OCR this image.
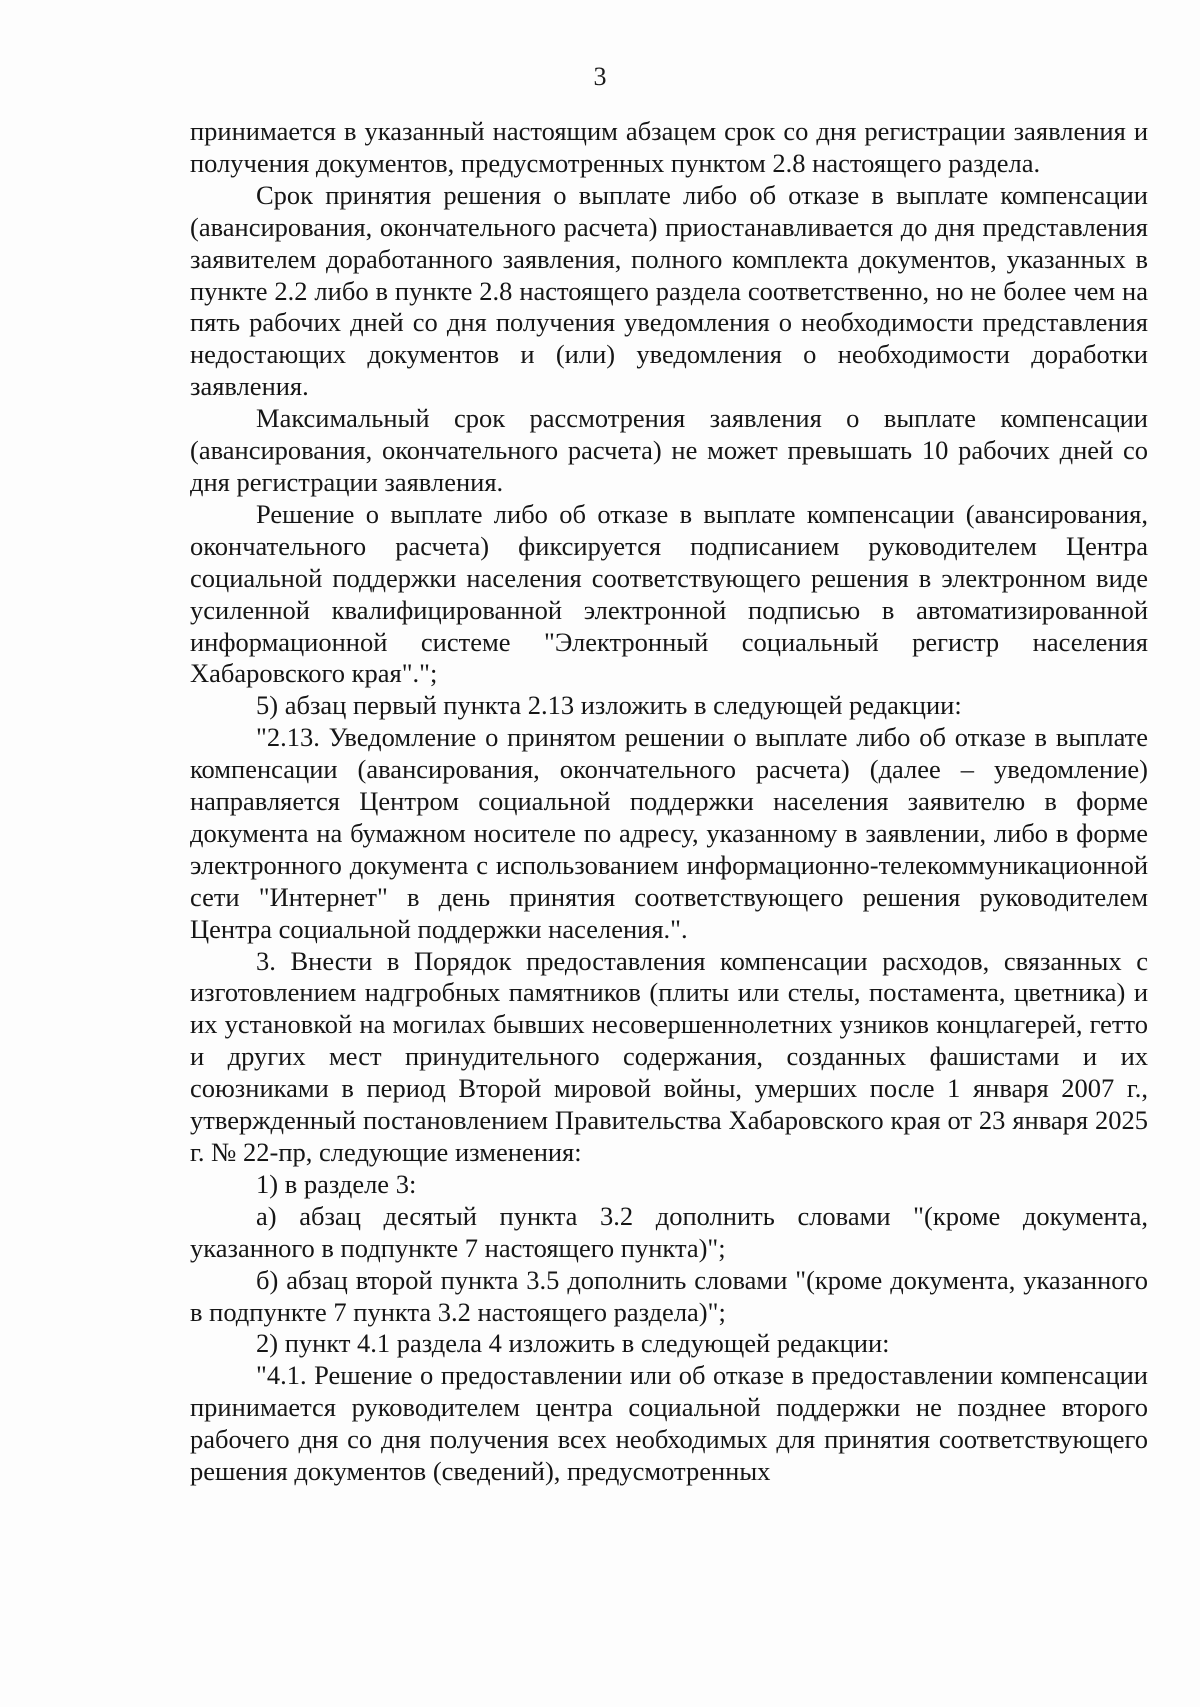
3

принимается в указанный настоящим абзацем срок со дня регистрации заявления и получения документов, предусмотренных пунктом 2.8 настоящего раздела.

Срок принятия решения о выплате либо об отказе в выплате компенсации (авансирования, окончательного расчета) приостанавливается до дня представления заявителем доработанного заявления, полного комплекта документов, указанных в пункте 2.2 либо в пункте 2.8 настоящего раздела соответственно, но не более чем на пять рабочих дней со дня получения уведомления о необходимости представления недостающих документов и (или) уведомления о необходимости доработки заявления.

Максимальный срок рассмотрения заявления о выплате компенсации (авансирования, окончательного расчета) не может превышать 10 рабочих дней со дня регистрации заявления.

Решение о выплате либо об отказе в выплате компенсации (авансирования, окончательного расчета) фиксируется подписанием руководителем Центра социальной поддержки населения соответствующего решения в электронном виде усиленной квалифицированной электронной подписью в автоматизированной информационной системе "Электронный социальный регистр населения Хабаровского края".";

5) абзац первый пункта 2.13 изложить в следующей редакции:

"2.13. Уведомление о принятом решении о выплате либо об отказе в выплате компенсации (авансирования, окончательного расчета) (далее – уведомление) направляется Центром социальной поддержки населения заявителю в форме документа на бумажном носителе по адресу, указанному в заявлении, либо в форме электронного документа с использованием информационно-телекоммуникационной сети "Интернет" в день принятия соответствующего решения руководителем Центра социальной поддержки населения.".

3. Внести в Порядок предоставления компенсации расходов, связанных с изготовлением надгробных памятников (плиты или стелы, постамента, цветника) и их установкой на могилах бывших несовершеннолетних узников концлагерей, гетто и других мест принудительного содержания, созданных фашистами и их союзниками в период Второй мировой войны, умерших после 1 января 2007 г., утвержденный постановлением Правительства Хабаровского края от 23 января 2025 г. № 22-пр, следующие изменения:

1) в разделе 3:

а) абзац десятый пункта 3.2 дополнить словами "(кроме документа, указанного в подпункте 7 настоящего пункта)";

б) абзац второй пункта 3.5 дополнить словами "(кроме документа, указанного в подпункте 7 пункта 3.2 настоящего раздела)";

2) пункт 4.1 раздела 4 изложить в следующей редакции:

"4.1. Решение о предоставлении или об отказе в предоставлении компенсации принимается руководителем центра социальной поддержки не позднее второго рабочего дня со дня получения всех необходимых для принятия соответствующего решения документов (сведений), предусмотренных
